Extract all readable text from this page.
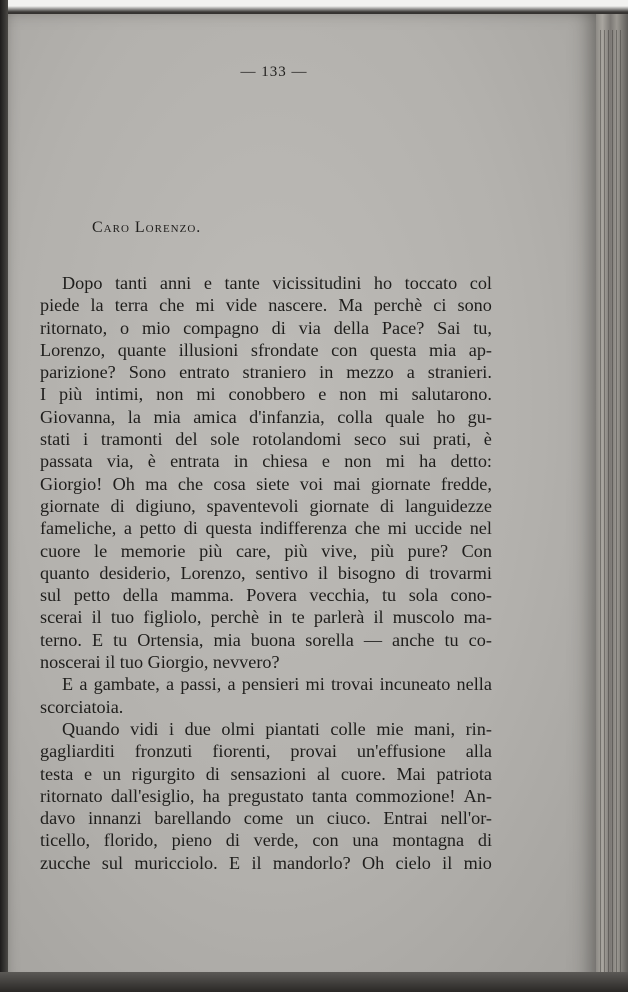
— 133 —
Caro Lorenzo.
Dopo tanti anni e tante vicissitudini ho toccato col
piede la terra che mi vide nascere. Ma perchè ci sono
ritornato, o mio compagno di via della Pace? Sai tu,
Lorenzo, quante illusioni sfrondate con questa mia ap-
parizione? Sono entrato straniero in mezzo a stranieri.
I più intimi, non mi conobbero e non mi salutarono.
Giovanna, la mia amica d'infanzia, colla quale ho gu-
stati i tramonti del sole rotolandomi seco sui prati, è
passata via, è entrata in chiesa e non mi ha detto:
Giorgio! Oh ma che cosa siete voi mai giornate fredde,
giornate di digiuno, spaventevoli giornate di languidezze
fameliche, a petto di questa indifferenza che mi uccide nel
cuore le memorie più care, più vive, più pure? Con
quanto desiderio, Lorenzo, sentivo il bisogno di trovarmi
sul petto della mamma. Povera vecchia, tu sola cono-
scerai il tuo figliolo, perchè in te parlerà il muscolo ma-
terno. E tu Ortensia, mia buona sorella — anche tu co-
noscerai il tuo Giorgio, nevvero?
E a gambate, a passi, a pensieri mi trovai incuneato nella
scorciatoia.
Quando vidi i due olmi piantati colle mie mani, rin-
gagliarditi fronzuti fiorenti, provai un'effusione alla
testa e un rigurgito di sensazioni al cuore. Mai patriota
ritornato dall'esiglio, ha pregustato tanta commozione! An-
davo innanzi barellando come un ciuco. Entrai nell'or-
ticello, florido, pieno di verde, con una montagna di
zucche sul muricciolo. E il mandorlo? Oh cielo il mio
